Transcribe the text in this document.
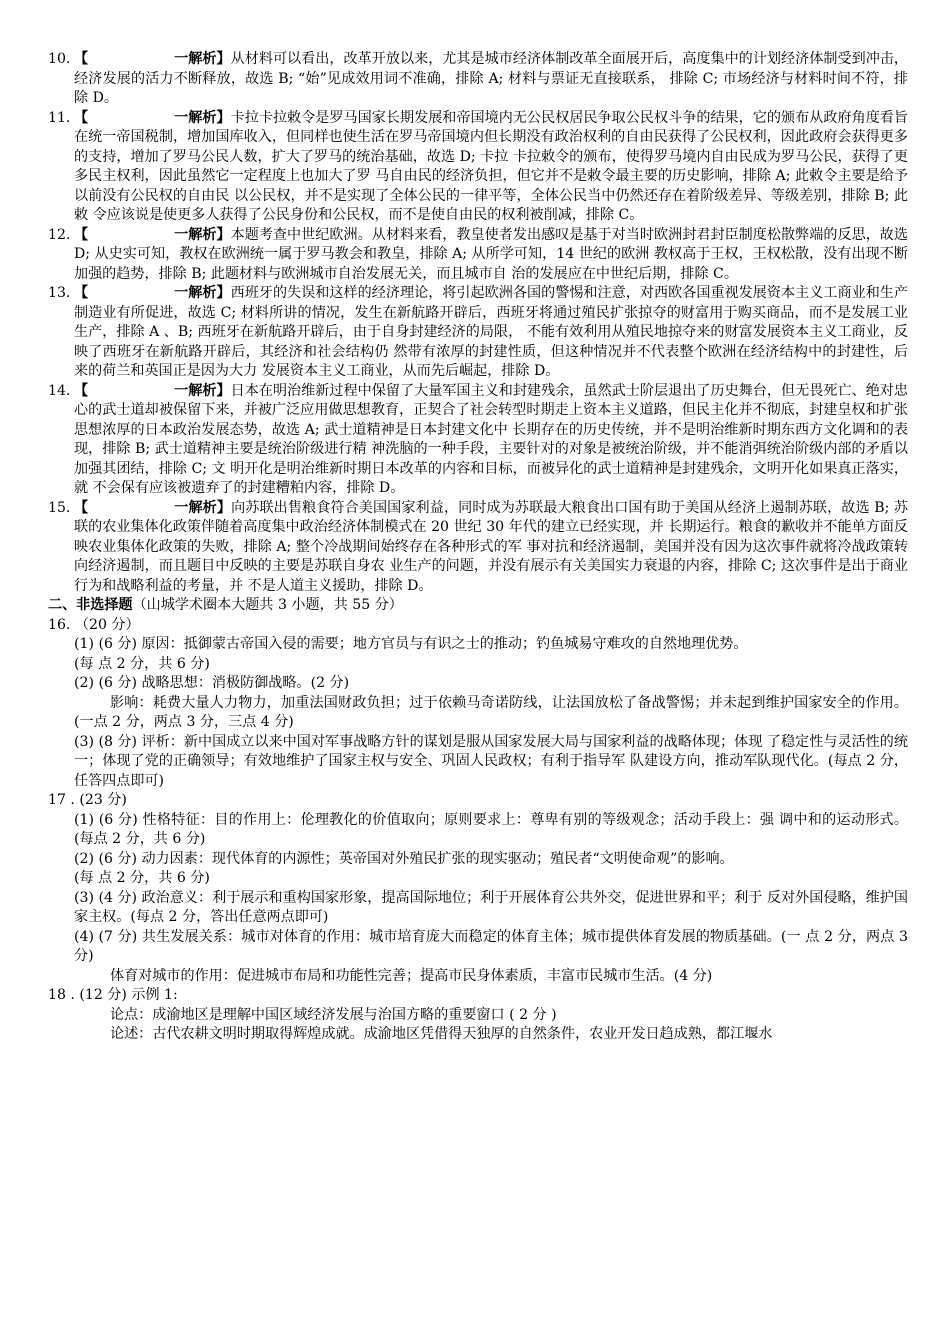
10. 【	一解析】从材料可以看出，改革开放以来，尤其是城市经济体制改革全面展开后，高度集中的计划经济体制受到冲击，经济发展的活力不断释放，故选 B; “始”见成效用词不准确，排除 A; 材料与票证无直接联系， 排除 C; 市场经济与材料时间不符，排除 D。
11. 【	一解析】卡拉卡拉敕令是罗马国家长期发展和帝国境内无公民权居民争取公民权斗争的结果，它的颁布从政府角度看旨在统一帝国税制，增加国库收入，但同样也使生活在罗马帝国境内但长期没有政治权利的自由民获得了公民权利，因此政府会获得更多的支持，增加了罗马公民人数，扩大了罗马的统治基础，故选 D; 卡拉 卡拉敕令的颁布，使得罗马境内自由民成为罗马公民，获得了更多民主权利，因此虽然它一定程度上也加大了罗 马自由民的经济负担，但它并不是敕令最主要的历史影响，排除 A; 此敕令主要是给予以前没有公民权的自由民 以公民权，并不是实现了全体公民的一律平等，全体公民当中仍然还存在着阶级差异、等级差别，排除 B; 此敕 令应该说是使更多人获得了公民身份和公民权，而不是使自由民的权利被削减，排除 C。
12. 【	一解析】本题考查中世纪欧洲。从材料来看，教皇使者发出感叹是基于对当时欧洲封君封臣制度松散弊端的反思，故选 D; 从史实可知，教权在欧洲统一属于罗马教会和教皇，排除 A; 从所学可知，14 世纪的欧洲 教权高于王权，王权松散，没有出现不断加强的趋势，排除 B; 此题材料与欧洲城市自治发展无关，而且城市自 治的发展应在中世纪后期，排除 C。
13. 【	一解析】西班牙的失误和这样的经济理论，将引起欧洲各国的警惕和注意，对西欧各国重视发展资本主义工商业和生产制造业有所促进，故选 C; 材料所讲的情况，发生在新航路开辟后，西班牙将通过殖民扩张掠夺的财富用于购买商品，而不是发展工业生产，排除 A 、B; 西班牙在新航路开辟后，由于自身封建经济的局限， 不能有效利用从殖民地掠夺来的财富发展资本主义工商业，反映了西班牙在新航路开辟后，其经济和社会结构仍 然带有浓厚的封建性质，但这种情况并不代表整个欧洲在经济结构中的封建性，后来的荷兰和英国正是因为大力 发展资本主义工商业，从而先后崛起，排除 D。
14. 【	一解析】日本在明治维新过程中保留了大量军国主义和封建残余，虽然武士阶层退出了历史舞台，但无畏死亡、绝对忠心的武士道却被保留下来，并被广泛应用做思想教育，正契合了社会转型时期走上资本主义道路，但民主化并不彻底，封建皇权和扩张思想浓厚的日本政治发展态势，故选 A; 武士道精神是日本封建文化中 长期存在的历史传统，并不是明治维新时期东西方文化调和的表现，排除 B; 武士道精神主要是统治阶级进行精 神洗脑的一种手段，主要针对的对象是被统治阶级，并不能消弭统治阶级内部的矛盾以加强其团结，排除 C; 文 明开化是明治维新时期日本改革的内容和目标，而被异化的武士道精神是封建残余，文明开化如果真正落实，就 不会保有应该被遗弃了的封建糟粕内容，排除 D。
15. 【	一解析】向苏联出售粮食符合美国国家利益，同时成为苏联最大粮食出口国有助于美国从经济上遏制苏联，故选 B; 苏联的农业集体化政策伴随着高度集中政治经济体制模式在 20 世纪 30 年代的建立已经实现，并 长期运行。粮食的歉收并不能单方面反映农业集体化政策的失败，排除 A; 整个冷战期间始终存在各种形式的军 事对抗和经济遏制，美国并没有因为这次事件就将冷战政策转向经济遏制，而且题目中反映的主要是苏联自身农 业生产的问题，并没有展示有关美国实力衰退的内容，排除 C; 这次事件是出于商业行为和战略利益的考量，并 不是人道主义援助，排除 D。
二、非选择题（山城学术圈本大题共 3 小题，共 55 分）
16. （20 分）
(1) (6 分) 原因：抵御蒙古帝国入侵的需要；地方官员与有识之士的推动；钓鱼城易守难攻的自然地理优势。
(每 点 2 分，共 6 分)
(2) (6 分) 战略思想：消极防御战略。(2 分)
影响：耗费大量人力物力，加重法国财政负担；过于依赖马奇诺防线，让法国放松了备战警惕；并未起到维护国家安全的作用。(一点 2 分，两点 3 分，三点 4 分)
(3) (8 分) 评析：新中国成立以来中国对军事战略方针的谋划是服从国家发展大局与国家利益的战略体现；体现 了稳定性与灵活性的统一；体现了党的正确领导；有效地维护了国家主权与安全、巩固人民政权；有利于指导军 队建设方向，推动军队现代化。(每点 2 分，任答四点即可)
17 . (23 分)
(1) (6 分) 性格特征：目的作用上：伦理教化的价值取向；原则要求上：尊卑有别的等级观念；活动手段上：强 调中和的运动形式。(每点 2 分，共 6 分)
(2) (6 分) 动力因素：现代体育的内源性；英帝国对外殖民扩张的现实驱动；殖民者“文明使命观”的影响。
(每 点 2 分，共 6 分)
(3) (4 分) 政治意义：利于展示和重构国家形象，提高国际地位；利于开展体育公共外交，促进世界和平；利于 反对外国侵略，维护国家主权。(每点 2 分，答出任意两点即可)
(4) (7 分) 共生发展关系：城市对体育的作用：城市培育庞大而稳定的体育主体；城市提供体育发展的物质基础。(一 点 2 分，两点 3 分)
体育对城市的作用：促进城市布局和功能性完善；提高市民身体素质，丰富市民城市生活。(4 分)
18 . (12 分) 示例 1:
论点：成渝地区是理解中国区域经济发展与治国方略的重要窗口 ( 2 分 )
论述：古代农耕文明时期取得辉煌成就。成渝地区凭借得天独厚的自然条件，农业开发日趋成熟，都江堰水
